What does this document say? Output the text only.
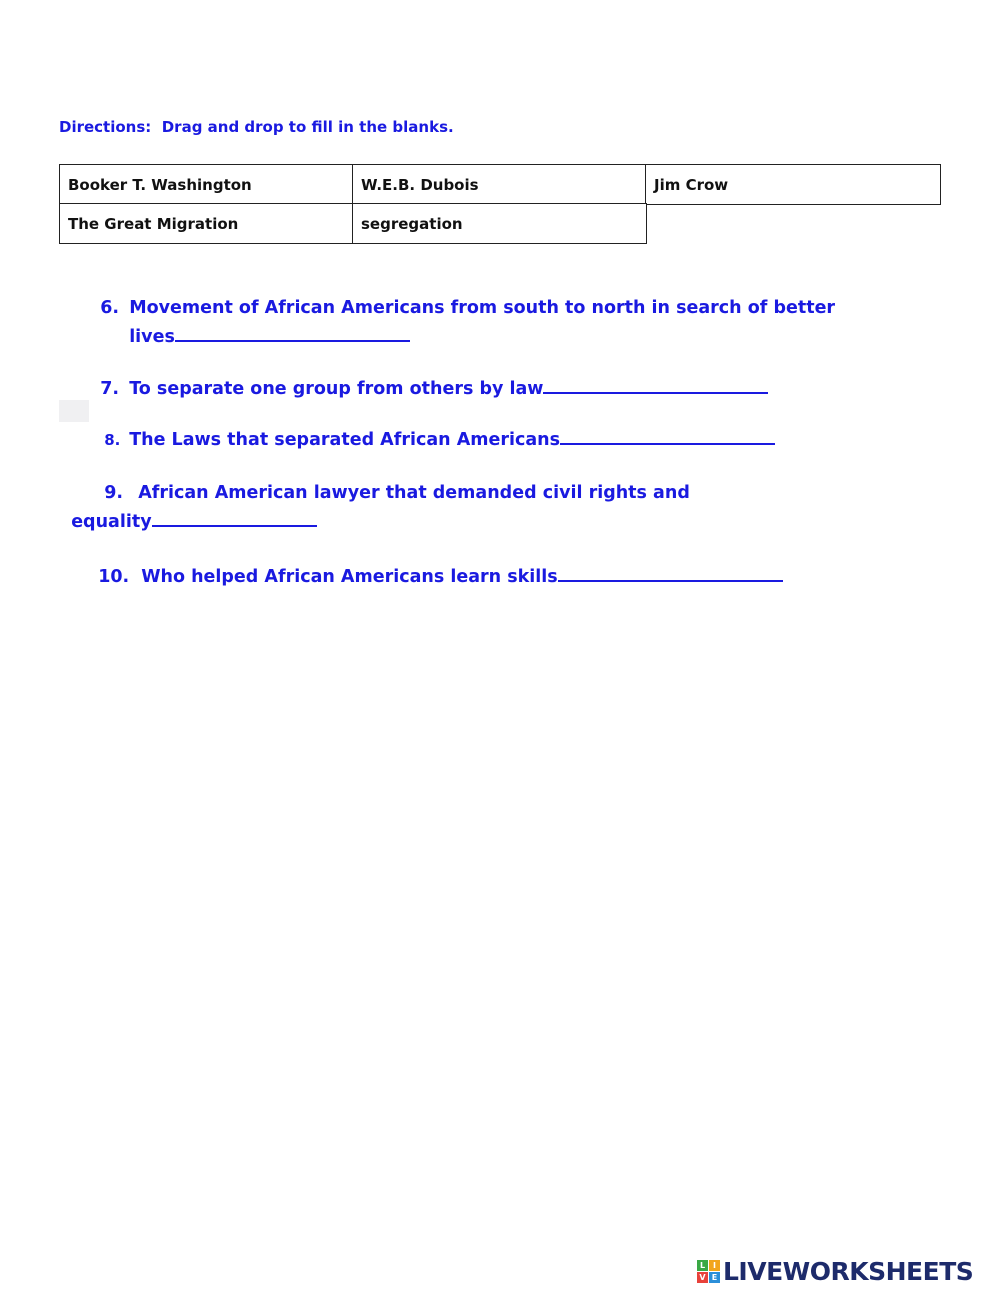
Directions:  Drag and drop to fill in the blanks.
Booker T. Washington	W.E.B. Dubois	Jim Crow
The Great Migration	segregation

6. Movement of African Americans from south to north in search of better

lives

7. To separate one group from others by law

8. The Laws that separated African Americans

9. African American lawyer that demanded civil rights and

equality

10. Who helped African Americans learn skills

L I
V E LIVEWORKSHEETS
